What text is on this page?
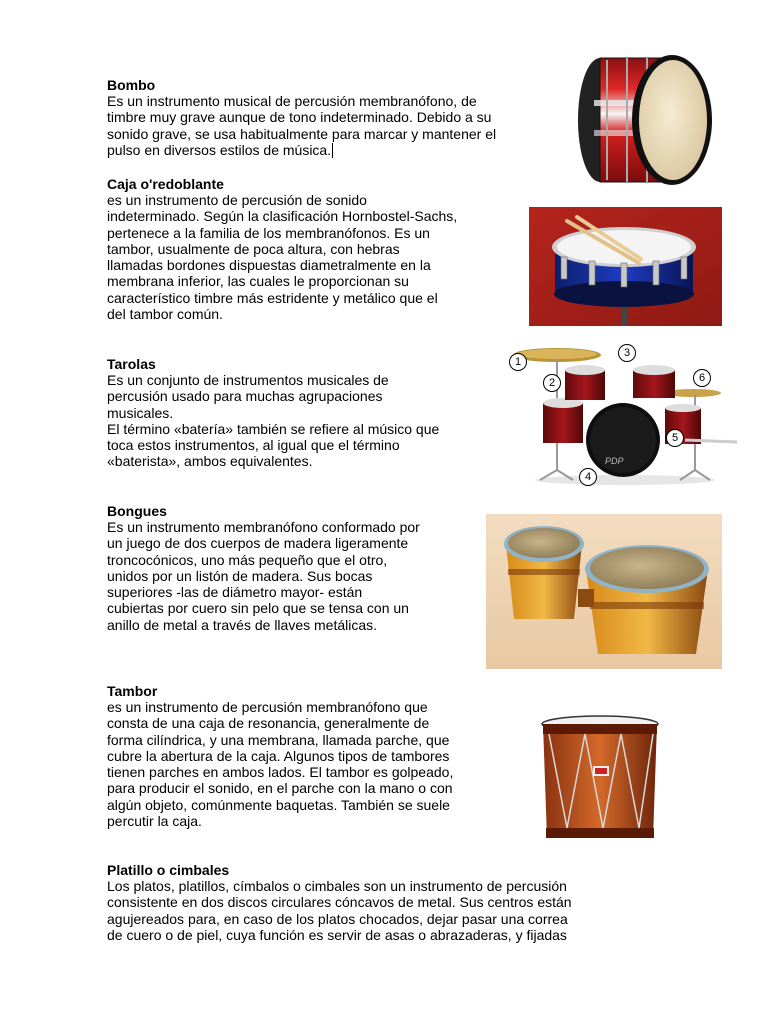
Bombo

Es un instrumento musical de percusión membranófono, de
timbre muy grave aunque de tono indeterminado. Debido a su
sonido grave, se usa habitualmente para marcar y mantener el
pulso en diversos estilos de música.

Caja o'redoblante

es un instrumento de percusión de sonido
indeterminado. Según la clasificación Hornbostel-Sachs,
pertenece a la familia de los membranófonos. Es un
tambor, usualmente de poca altura, con hebras
llamadas bordones dispuestas diametralmente en la
membrana inferior, las cuales le proporcionan su
característico timbre más estridente y metálico que el
del tambor común.

Tarolas

Es un conjunto de instrumentos musicales de
percusión usado para muchas agrupaciones
musicales.
El término «batería» también se refiere al músico que
toca estos instrumentos, al igual que el término
«baterista», ambos equivalentes.

Bongues

Es un instrumento membranófono conformado por
un juego de dos cuerpos de madera ligeramente
troncocónicos, uno más pequeño que el otro,
unidos por un listón de madera. Sus bocas
superiores -las de diámetro mayor- están
cubiertas por cuero sin pelo que se tensa con un
anillo de metal a través de llaves metálicas.

Tambor

es un instrumento de percusión membranófono que
consta de una caja de resonancia, generalmente de
forma cilíndrica, y una membrana, llamada parche, que
cubre la abertura de la caja. Algunos tipos de tambores
tienen parches en ambos lados. El tambor es golpeado,
para producir el sonido, en el parche con la mano o con
algún objeto, comúnmente baquetas. También se suele
percutir la caja.

Platillo o cimbales

Los platos, platillos, címbalos o cimbales son un instrumento de percusión
consistente en dos discos circulares cóncavos de metal. Sus centros están
agujereados para, en caso de los platos chocados, dejar pasar una correa
de cuero o de piel, cuya función es servir de asas o abrazaderas, y fijadas
PDP
1
2
3
4
5
6
